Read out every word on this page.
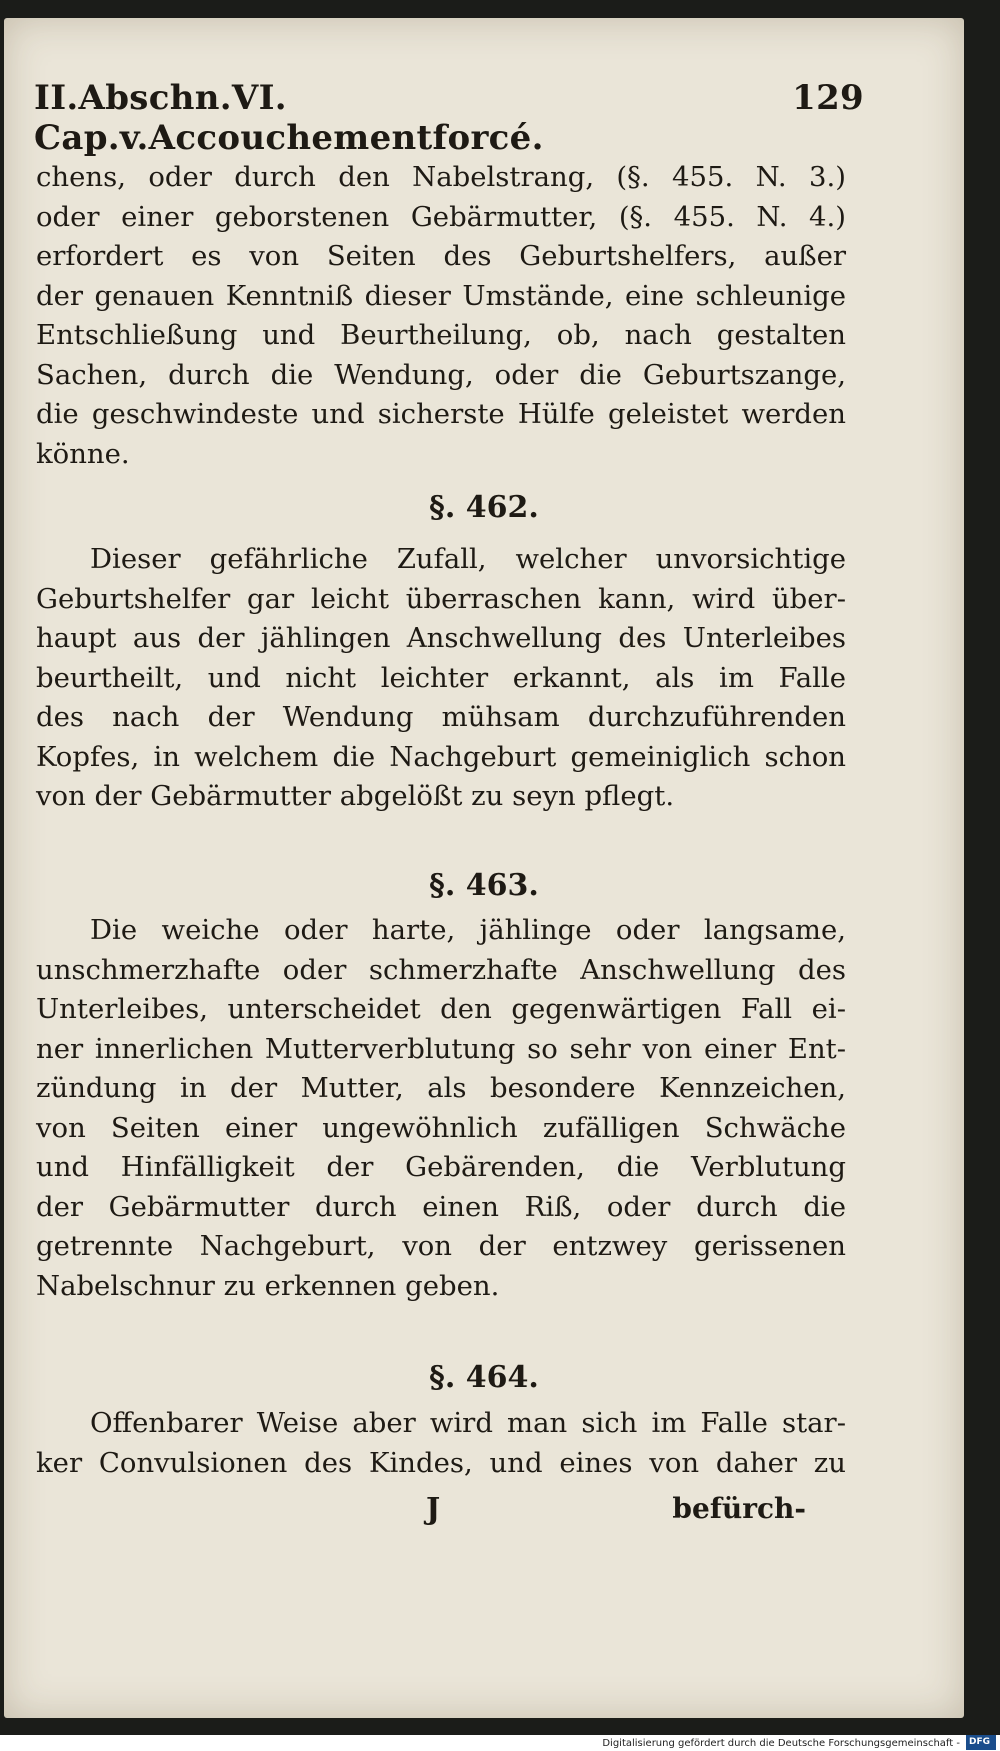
II.Abschn.VI. Cap.v.Accouchementforcé.
129
chens, oder durch den Nabelstrang, (§. 455. N. 3.)
oder einer geborstenen Gebärmutter, (§. 455. N. 4.)
erfordert es von Seiten des Geburtshelfers, außer
der genauen Kenntniß dieser Umstände, eine schleunige
Entschließung und Beurtheilung, ob, nach gestalten
Sachen, durch die Wendung, oder die Geburtszange,
die geschwindeste und sicherste Hülfe geleistet werden
könne.
§. 462.
Dieser gefährliche Zufall, welcher unvorsichtige
Geburtshelfer gar leicht überraschen kann, wird über-
haupt aus der jählingen Anschwellung des Unterleibes
beurtheilt, und nicht leichter erkannt, als im Falle
des nach der Wendung mühsam durchzuführenden
Kopfes, in welchem die Nachgeburt gemeiniglich schon
von der Gebärmutter abgelößt zu seyn pflegt.
§. 463.
Die weiche oder harte, jählinge oder langsame,
unschmerzhafte oder schmerzhafte Anschwellung des
Unterleibes, unterscheidet den gegenwärtigen Fall ei-
ner innerlichen Mutterverblutung so sehr von einer Ent-
zündung in der Mutter, als besondere Kennzeichen,
von Seiten einer ungewöhnlich zufälligen Schwäche
und Hinfälligkeit der Gebärenden, die Verblutung
der Gebärmutter durch einen Riß, oder durch die
getrennte Nachgeburt, von der entzwey gerissenen
Nabelschnur zu erkennen geben.
§. 464.
Offenbarer Weise aber wird man sich im Falle star-
ker Convulsionen des Kindes, und eines von daher zu
J	befürch-
Digitalisierung gefördert durch die Deutsche Forschungsgemeinschaft - DFG
